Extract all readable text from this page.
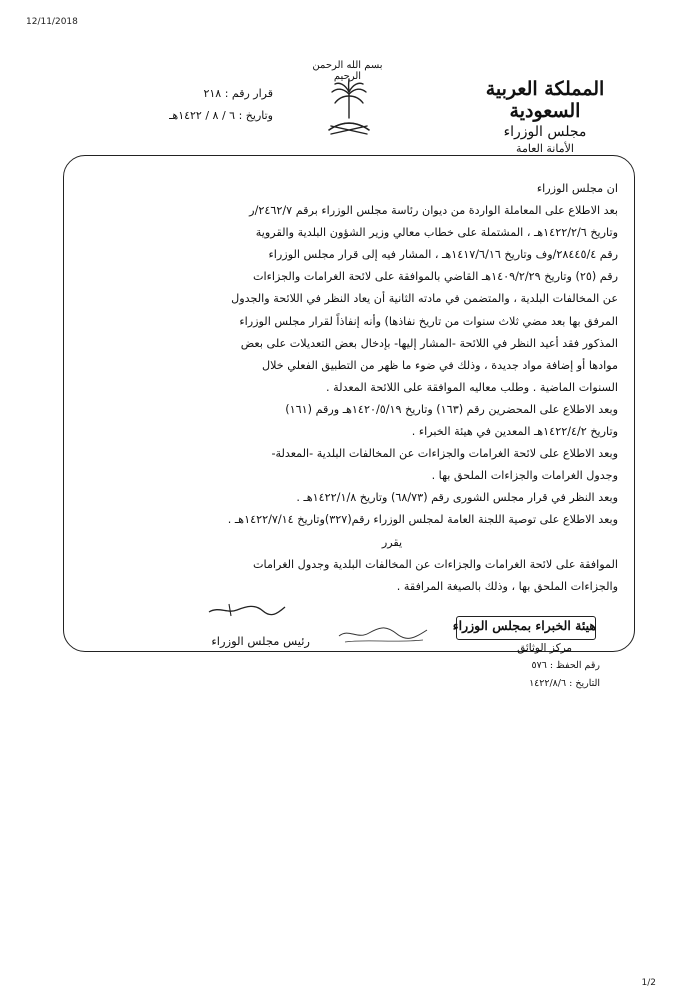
12/11/2018
بسم الله الرحمن الرحيم
المملكة العربية السعودية
مجلس الوزراء
الأمانة العامة
قرار رقم : ٢١٨
وتاريخ : ٦ / ٨ / ١٤٢٢هـ
ان مجلس الوزراء
بعد الاطلاع على المعاملة الواردة من ديوان رئاسة مجلس الوزراء برقم ٢٤٦٢/٧/ر
وتاريخ ١٤٢٢/٢/٦هـ ، المشتملة على خطاب معالي وزير الشؤون البلدية والقروية
رقم ٢٨٤٤٥/٤/وف وتاريخ ١٤١٧/٦/١٦هـ ، المشار فيه إلى قرار مجلس الوزراء
رقم (٢٥) وتاريخ ١٤٠٩/٢/٢٩هـ القاضي بالموافقة على لائحة الغرامات والجزاءات
عن المخالفات البلدية ، والمتضمن في مادته الثانية أن يعاد النظر في اللائحة والجدول
المرفق بها بعد مضي ثلاث سنوات من تاريخ نفاذها) وأنه إنفاذاً لقرار مجلس الوزراء
المذكور فقد أعيد النظر في اللائحة -المشار إليها- بإدخال بعض التعديلات على بعض
موادها أو إضافة مواد جديدة ، وذلك في ضوء ما ظهر من التطبيق الفعلي خلال
السنوات الماضية . وطلب معاليه الموافقة على اللائحة المعدلة .
وبعد الاطلاع على المحضرين رقم (١٦٣) وتاريخ ١٤٢٠/٥/١٩هـ ورقم (١٦١)
وتاريخ ١٤٢٢/٤/٢هـ المعدين في هيئة الخبراء .
وبعد الاطلاع على لائحة الغرامات والجزاءات عن المخالفات البلدية -المعدلة-
وجدول الغرامات والجزاءات الملحق بها .
وبعد النظر في قرار مجلس الشورى رقم (٦٨/٧٣) وتاريخ ١٤٢٢/١/٨هـ .
وبعد الاطلاع على توصية اللجنة العامة لمجلس الوزراء رقم(٣٢٧)وتاريخ ١٤٢٢/٧/١٤هـ .
يقرر
الموافقة على لائحة الغرامات والجزاءات عن المخالفات البلدية وجدول الغرامات
والجزاءات الملحق بها ، وذلك بالصيغة المرافقة .
رئيس مجلس الوزراء
هيئة الخبراء بمجلس الوزراء
مركز الوثائق
رقم الحفظ : ٥٧٦
التاريخ : ١٤٢٢/٨/٦
1/2
